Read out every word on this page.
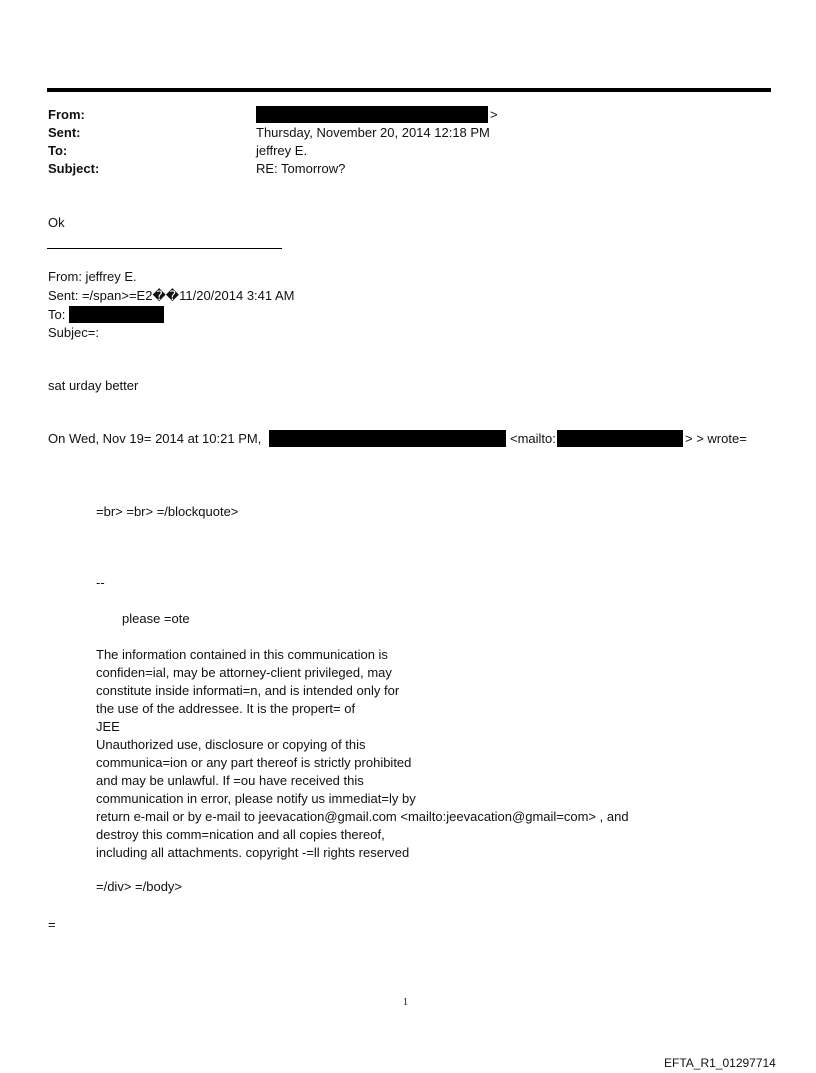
From:	>
Sent:	Thursday, November 20, 2014 12:18 PM
To:	jeffrey E.
Subject:	RE: Tomorrow?
Ok
From: jeffrey E.
Sent: =/span>=E2��11/20/2014 3:41 AM
To:
Subjec=:
sat urday better
On Wed, Nov 19= 2014 at 10:21 PM,	<mailto:	> > wrote=
=br> =br> =/blockquote>
--
please =ote
The information contained in this communication is
confiden=ial, may be attorney-client privileged, may
constitute inside informati=n, and is intended only for
the use of the addressee. It is the propert= of
JEE
Unauthorized use, disclosure or copying of this
communica=ion or any part thereof is strictly prohibited
and may be unlawful. If =ou have received this
communication in error, please notify us immediat=ly by
return e-mail or by e-mail to jeevacation@gmail.com <mailto:jeevacation@gmail=com> , and
destroy this comm=nication and all copies thereof,
including all attachments. copyright -=ll rights reserved
=/div> =/body>
=
1
EFTA_R1_01297714
